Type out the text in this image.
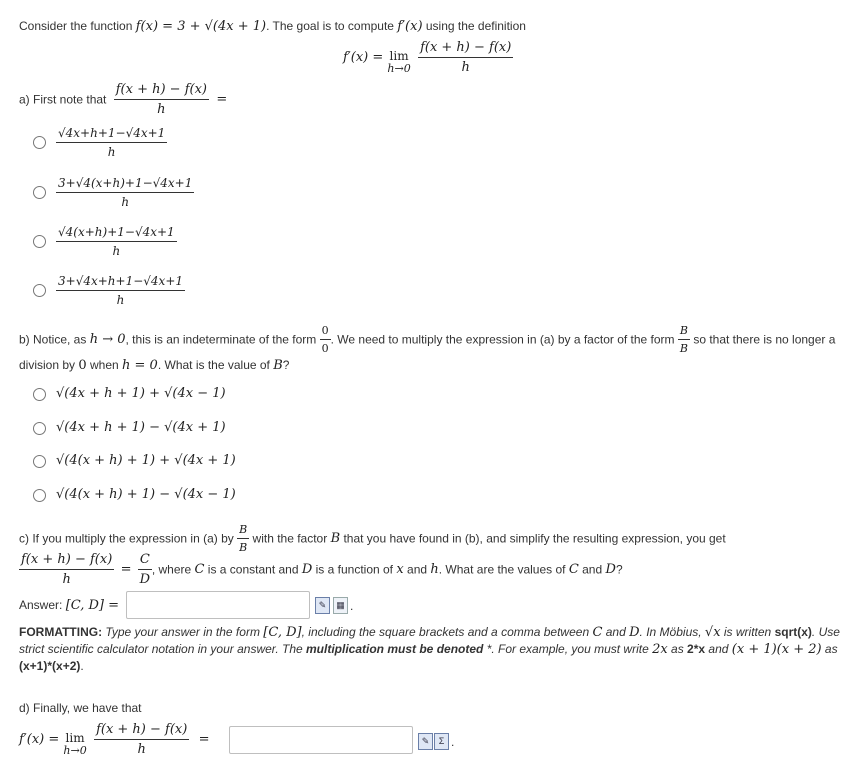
Consider the function f(x) = 3 + √(4x + 1). The goal is to compute f′(x) using the definition
f′(x) = lim
h→0
$\frac{f(x + h) - f(x)}{h}$
a) First note that $\frac{f(x + h) - f(x)}{h}$ =
$\frac{√4x+h+1-√4x+1}{h}$
$\frac{3+√4(x+h)+1-√4x+1}{h}$
$\frac{√4(x+h)+1-√4x+1}{h}$
$\frac{3+√4x+h+1-√4x+1}{h}$
b) Notice, as h → 0, this is an indeterminate of the form $\frac{0}{0}$ . We need to multiply the expression in (a) by a factor of the form $\frac{B}{B}$ so that there is no longer a
division by 0 when h = 0. What is the value of B?
√(4x + h + 1) + √(4x − 1)
√(4x + h + 1) − √(4x + 1)
√(4(x + h) + 1) + √(4x + 1)
√(4(x + h) + 1) − √(4x − 1)
c) If you multiply the expression in (a) by $\frac{B}{B}$ with the factor B that you have found in (b), and simplify the resulting expression, you get
$\frac{f(x + h) - f(x)}{h} = \frac{C}{D}$ , where C is a constant and D is a function of x and h. What are the values of C and D?
Answer: [C, D] =	✎	▦ .
FORMATTING: Type your answer in the form [C, D], including the square brackets and a comma between C and D. In Möbius, √x is written sqrt(x). Use
strict scientific calculator notation in your answer. The multiplication must be denoted *. For example, you must write 2x as 2*x and (x + 1)(x + 2) as
(x+1)*(x+2).
d) Finally, we have that
f′(x) = lim
h→0
$\frac{f(x + h) - f(x)}{h}$ =	✎	Σ .
